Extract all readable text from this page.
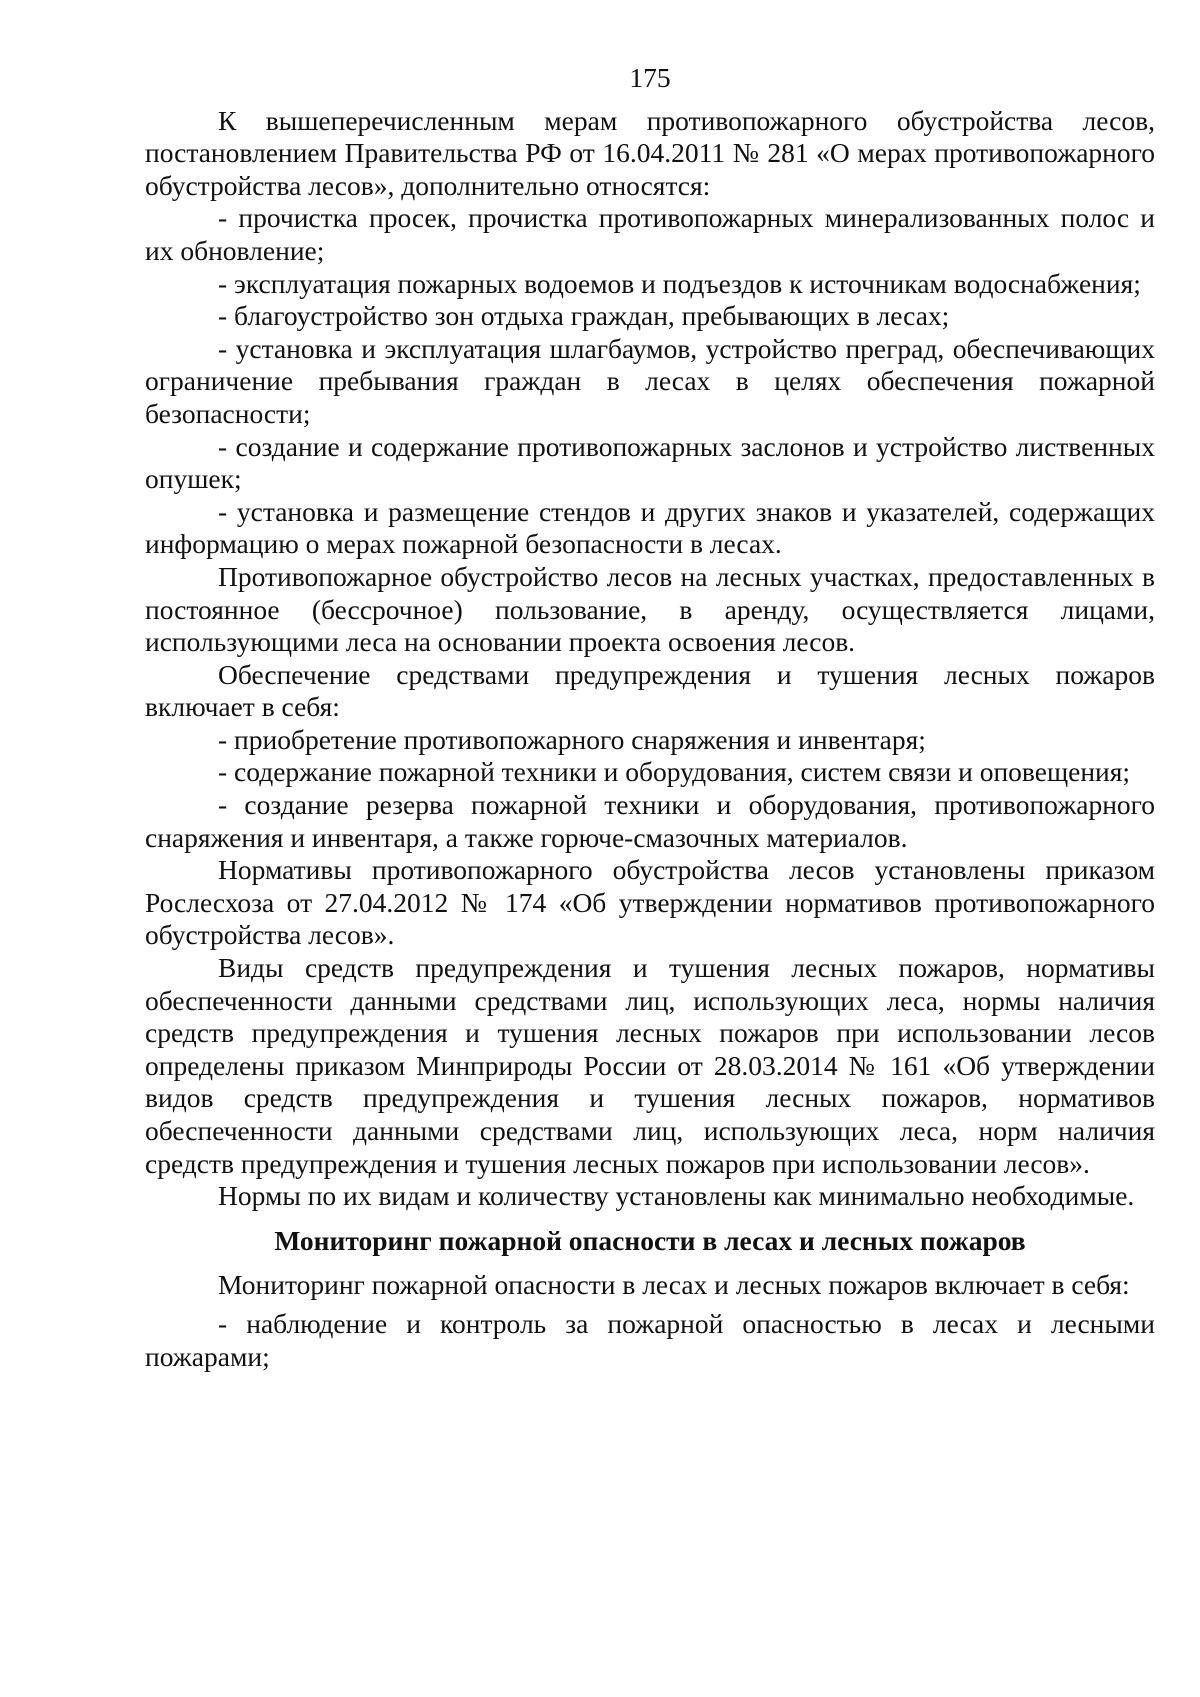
175

К вышеперечисленным мерам противопожарного обустройства лесов, постановлением Правительства РФ от 16.04.2011 № 281 «О мерах противопожарного обустройства лесов», дополнительно относятся:

- прочистка просек, прочистка противопожарных минерализованных полос и их обновление;

- эксплуатация пожарных водоемов и подъездов к источникам водоснабжения;

- благоустройство зон отдыха граждан, пребывающих в лесах;

- установка и эксплуатация шлагбаумов, устройство преград, обеспечивающих ограничение пребывания граждан в лесах в целях обеспечения пожарной безопасности;

- создание и содержание противопожарных заслонов и устройство лиственных опушек;

- установка и размещение стендов и других знаков и указателей, содержащих информацию о мерах пожарной безопасности в лесах.

Противопожарное обустройство лесов на лесных участках, предоставленных в постоянное (бессрочное) пользование, в аренду, осуществляется лицами, использующими леса на основании проекта освоения лесов.

Обеспечение средствами предупреждения и тушения лесных пожаров включает в себя:

- приобретение противопожарного снаряжения и инвентаря;

- содержание пожарной техники и оборудования, систем связи и оповещения;

- создание резерва пожарной техники и оборудования, противопожарного снаряжения и инвентаря, а также горюче-смазочных материалов.

Нормативы противопожарного обустройства лесов установлены приказом Рослесхоза от 27.04.2012 № 174 «Об утверждении нормативов противопожарного обустройства лесов».

Виды средств предупреждения и тушения лесных пожаров, нормативы обеспеченности данными средствами лиц, использующих леса, нормы наличия средств предупреждения и тушения лесных пожаров при использовании лесов определены приказом Минприроды России от 28.03.2014 № 161 «Об утверждении видов средств предупреждения и тушения лесных пожаров, нормативов обеспеченности данными средствами лиц, использующих леса, норм наличия средств предупреждения и тушения лесных пожаров при использовании лесов».

Нормы по их видам и количеству установлены как минимально необходимые.

Мониторинг пожарной опасности в лесах и лесных пожаров

Мониторинг пожарной опасности в лесах и лесных пожаров включает в себя:

- наблюдение и контроль за пожарной опасностью в лесах и лесными пожарами;
